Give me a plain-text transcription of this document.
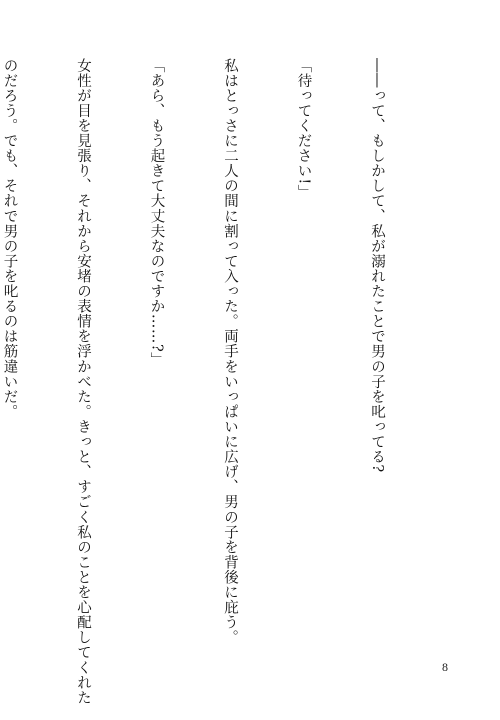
――って、もしかして、私が溺れたことで男の子を叱ってる?

「待ってください!」

私はとっさに二人の間に割って入った。両手をいっぱいに広げ、男の子を背後に庇う。

「あら、もう起きて大丈夫なのですか……?」

女性が目を見張り、それから安堵の表情を浮かべた。きっと、すごく私のことを心配してくれた

のだろう。でも、それで男の子を叱るのは筋違いだ。

8
